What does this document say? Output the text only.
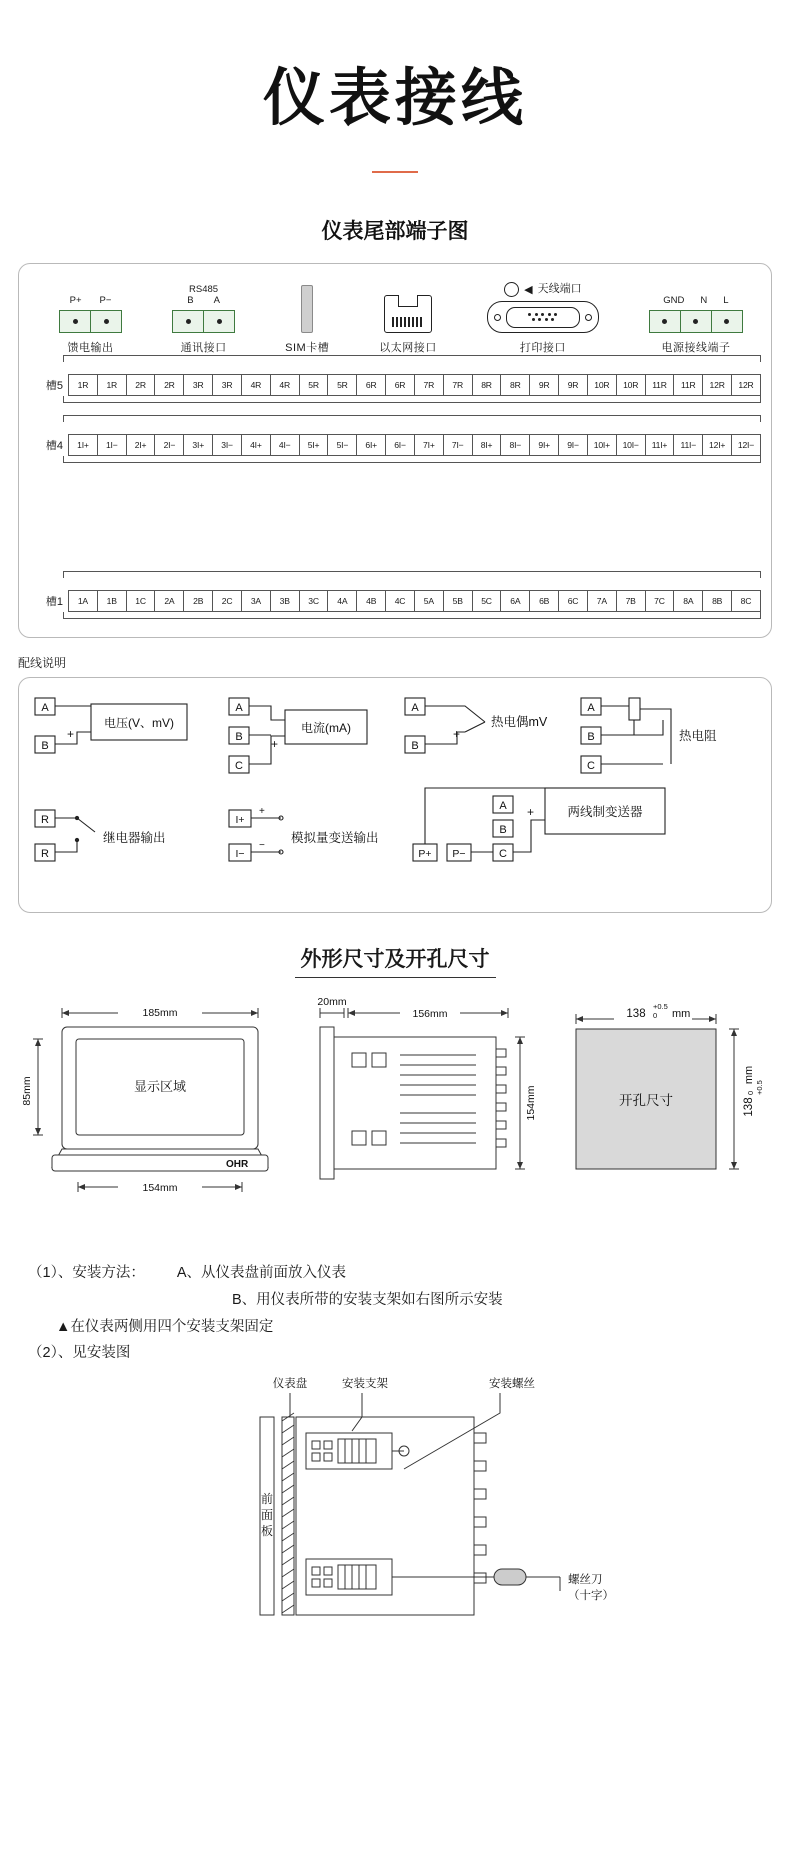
仪表接线
仪表尾部端子图
P+ P−
馈电输出
RS485
B A
通讯接口	SIM卡槽	以太网接口
◀ 天线端口
打印接口
GND N L
电源接线端子
槽5	1R	1R	2R	2R	3R	3R	4R	4R	5R	5R	6R	6R	7R	7R	8R	8R	9R	9R	10R	10R	11R	11R	12R	12R
槽4	1I+	1I−	2I+	2I−	3I+	3I−	4I+	4I−	5I+	5I−	6I+	6I−	7I+	7I−	8I+	8I−	9I+	9I−	10I+	10I−	11I+	11I−	12I+	12I−
槽1	1A	1B	1C	2A	2B	2C	3A	3B	3C	4A	4B	4C	5A	5B	5C	6A	6B	6C	7A	7B	7C	8A	8B	8C
配线说明
A
B
电压(V、mV)
+
A
B
C
电流(mA)
+
A
B
+
热电偶mV
A
B
C
热电阻
R
R
继电器输出
I+
I−
+
−
模拟量变送输出
A
B
C
P+ P−
+	两线制变送器
外形尺寸及开孔尺寸
185mm
显示区域
OHR
85mm
154mm
20mm
156mm
154mm
138
+0.5
0 mm
开孔尺寸	138
+0.5
0
mm
（1）、安装方法： A、从仪表盘前面放入仪表
B、用仪表所带的安装支架如右图所示安装
▲在仪表两侧用四个安装支架固定
（2）、见安装图
仪表盘	安装支架	安装螺丝
前
面
板
螺丝刀
（十字）
